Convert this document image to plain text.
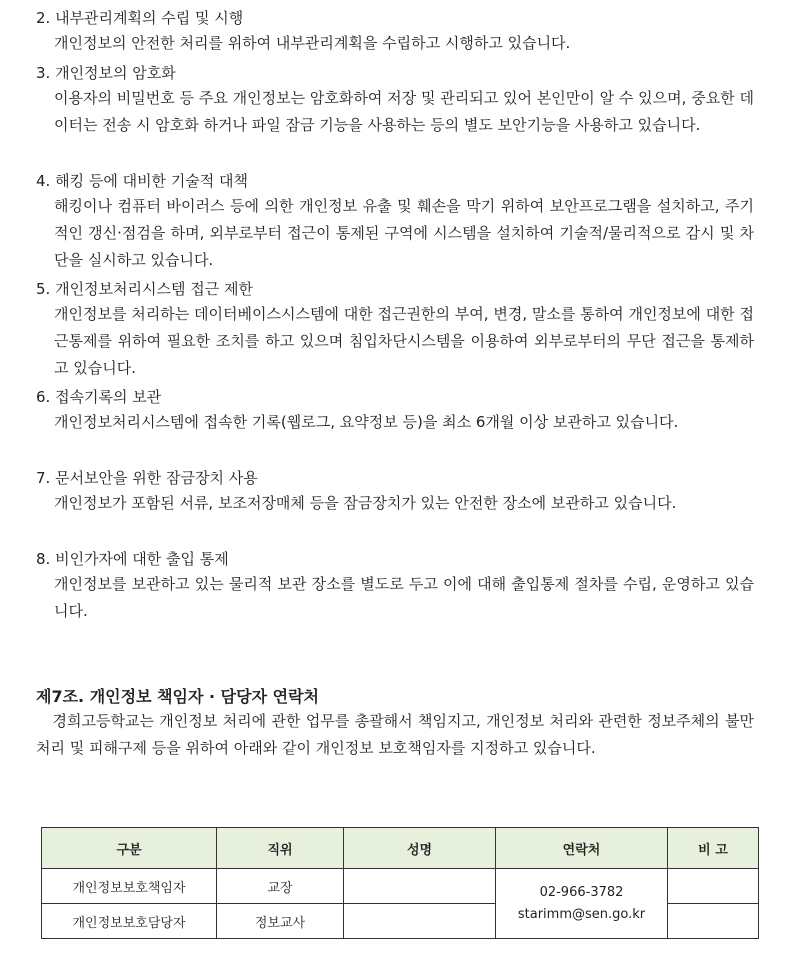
2. 내부관리계획의 수립 및 시행
개인정보의 안전한 처리를 위하여 내부관리계획을 수립하고 시행하고 있습니다.
3. 개인정보의 암호화
이용자의 비밀번호 등 주요 개인정보는 암호화하여 저장 및 관리되고 있어 본인만이 알 수 있으며, 중요한 데이터는 전송 시 암호화 하거나 파일 잠금 기능을 사용하는 등의 별도 보안기능을 사용하고 있습니다.
4. 해킹 등에 대비한 기술적 대책
해킹이나 컴퓨터 바이러스 등에 의한 개인정보 유출 및 훼손을 막기 위하여 보안프로그램을 설치하고, 주기적인 갱신·점검을 하며, 외부로부터 접근이 통제된 구역에 시스템을 설치하여 기술적/물리적으로 감시 및 차단을 실시하고 있습니다.
5. 개인정보처리시스템 접근 제한
개인정보를 처리하는 데이터베이스시스템에 대한 접근권한의 부여, 변경, 말소를 통하여 개인정보에 대한 접근통제를 위하여 필요한 조치를 하고 있으며 침입차단시스템을 이용하여 외부로부터의 무단 접근을 통제하고 있습니다.
6. 접속기록의 보관
개인정보처리시스템에 접속한 기록(웹로그, 요약정보 등)을 최소 6개월 이상 보관하고 있습니다.
7. 문서보안을 위한 잠금장치 사용
개인정보가 포함된 서류, 보조저장매체 등을 잠금장치가 있는 안전한 장소에 보관하고 있습니다.
8. 비인가자에 대한 출입 통제
개인정보를 보관하고 있는 물리적 보관 장소를 별도로 두고 이에 대해 출입통제 절차를 수립, 운영하고 있습니다.
제7조. 개인정보 책임자 · 담당자 연락처
경희고등학교는 개인정보 처리에 관한 업무를 총괄해서 책임지고, 개인정보 처리와 관련한 정보주체의 불만처리 및 피해구제 등을 위하여 아래와 같이 개인정보 보호책임자를 지정하고 있습니다.
구분	직위	성명	연락처	비 고
개인정보보호책임자	교장		02-966-3782
starimm@sen.go.kr	

개인정보보호담당자	정보교사			
